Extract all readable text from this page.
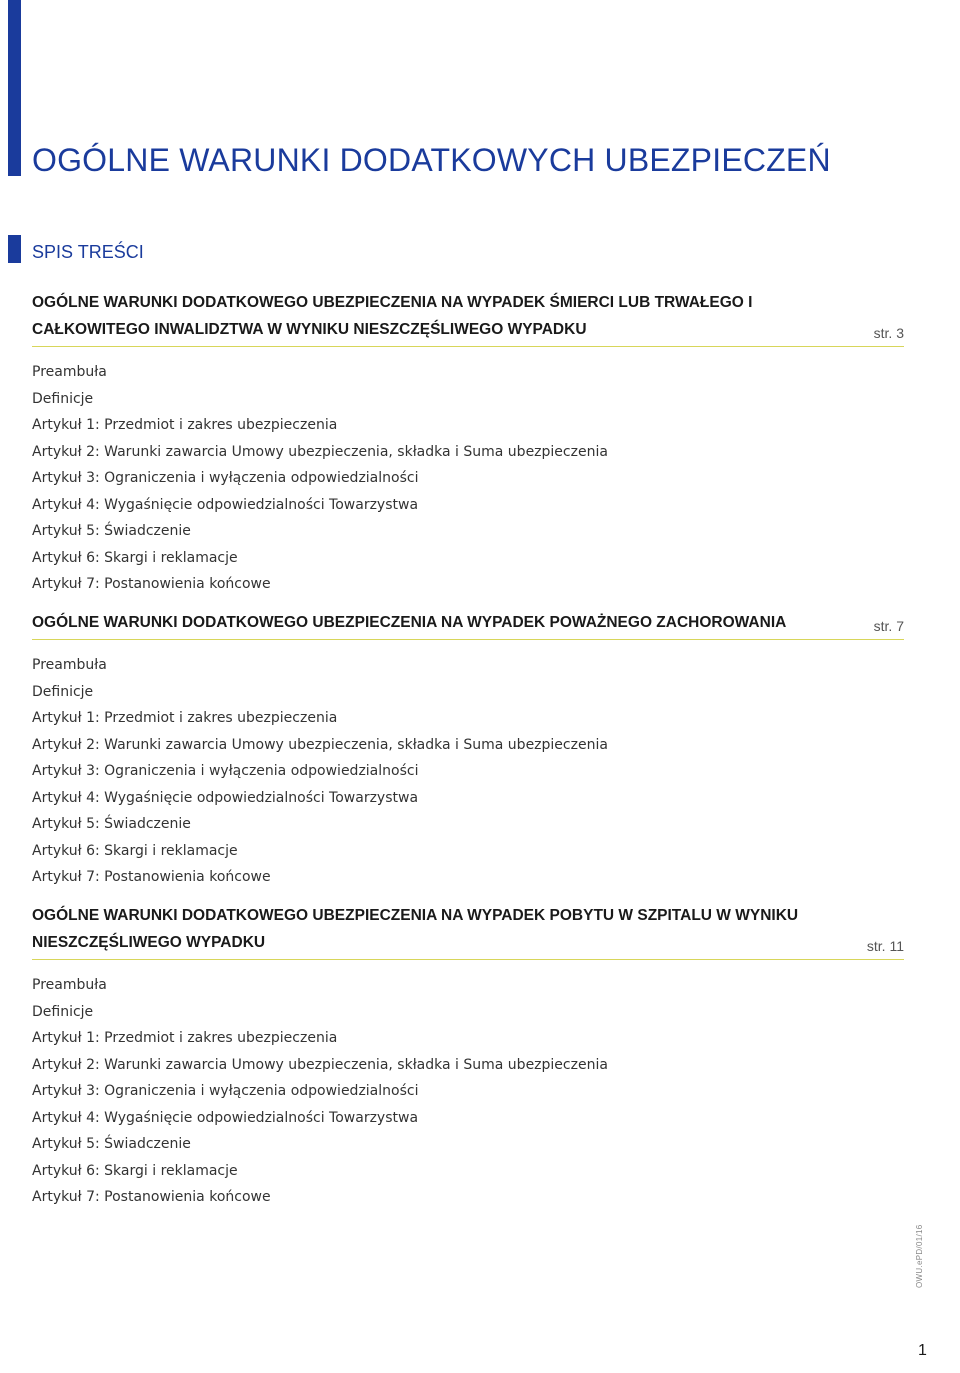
OGÓLNE WARUNKI DODATKOWYCH UBEZPIECZEŃ
SPIS TREŚCI
OGÓLNE WARUNKI DODATKOWEGO UBEZPIECZENIA NA WYPADEK ŚMIERCI LUB TRWAŁEGO I CAŁKOWITEGO INWALIDZTWA W WYNIKU NIESZCZĘŚLIWEGO WYPADKU	str. 3
Preambuła
Definicje
Artykuł 1: Przedmiot i zakres ubezpieczenia
Artykuł 2: Warunki zawarcia Umowy ubezpieczenia, składka i Suma ubezpieczenia
Artykuł 3: Ograniczenia i wyłączenia odpowiedzialności
Artykuł 4: Wygaśnięcie odpowiedzialności Towarzystwa
Artykuł 5: Świadczenie
Artykuł 6: Skargi i reklamacje
Artykuł 7: Postanowienia końcowe
OGÓLNE WARUNKI DODATKOWEGO UBEZPIECZENIA NA WYPADEK POWAŻNEGO ZACHOROWANIA	str. 7
Preambuła
Definicje
Artykuł 1: Przedmiot i zakres ubezpieczenia
Artykuł 2: Warunki zawarcia Umowy ubezpieczenia, składka i Suma ubezpieczenia
Artykuł 3: Ograniczenia i wyłączenia odpowiedzialności
Artykuł 4: Wygaśnięcie odpowiedzialności Towarzystwa
Artykuł 5: Świadczenie
Artykuł 6: Skargi i reklamacje
Artykuł 7: Postanowienia końcowe
OGÓLNE WARUNKI DODATKOWEGO UBEZPIECZENIA NA WYPADEK POBYTU W SZPITALU W WYNIKU NIESZCZĘŚLIWEGO WYPADKU	str. 11
Preambuła
Definicje
Artykuł 1: Przedmiot i zakres ubezpieczenia
Artykuł 2: Warunki zawarcia Umowy ubezpieczenia, składka i Suma ubezpieczenia
Artykuł 3: Ograniczenia i wyłączenia odpowiedzialności
Artykuł 4: Wygaśnięcie odpowiedzialności Towarzystwa
Artykuł 5: Świadczenie
Artykuł 6: Skargi i reklamacje
Artykuł 7: Postanowienia końcowe
OWU.ePD/01/16
1
